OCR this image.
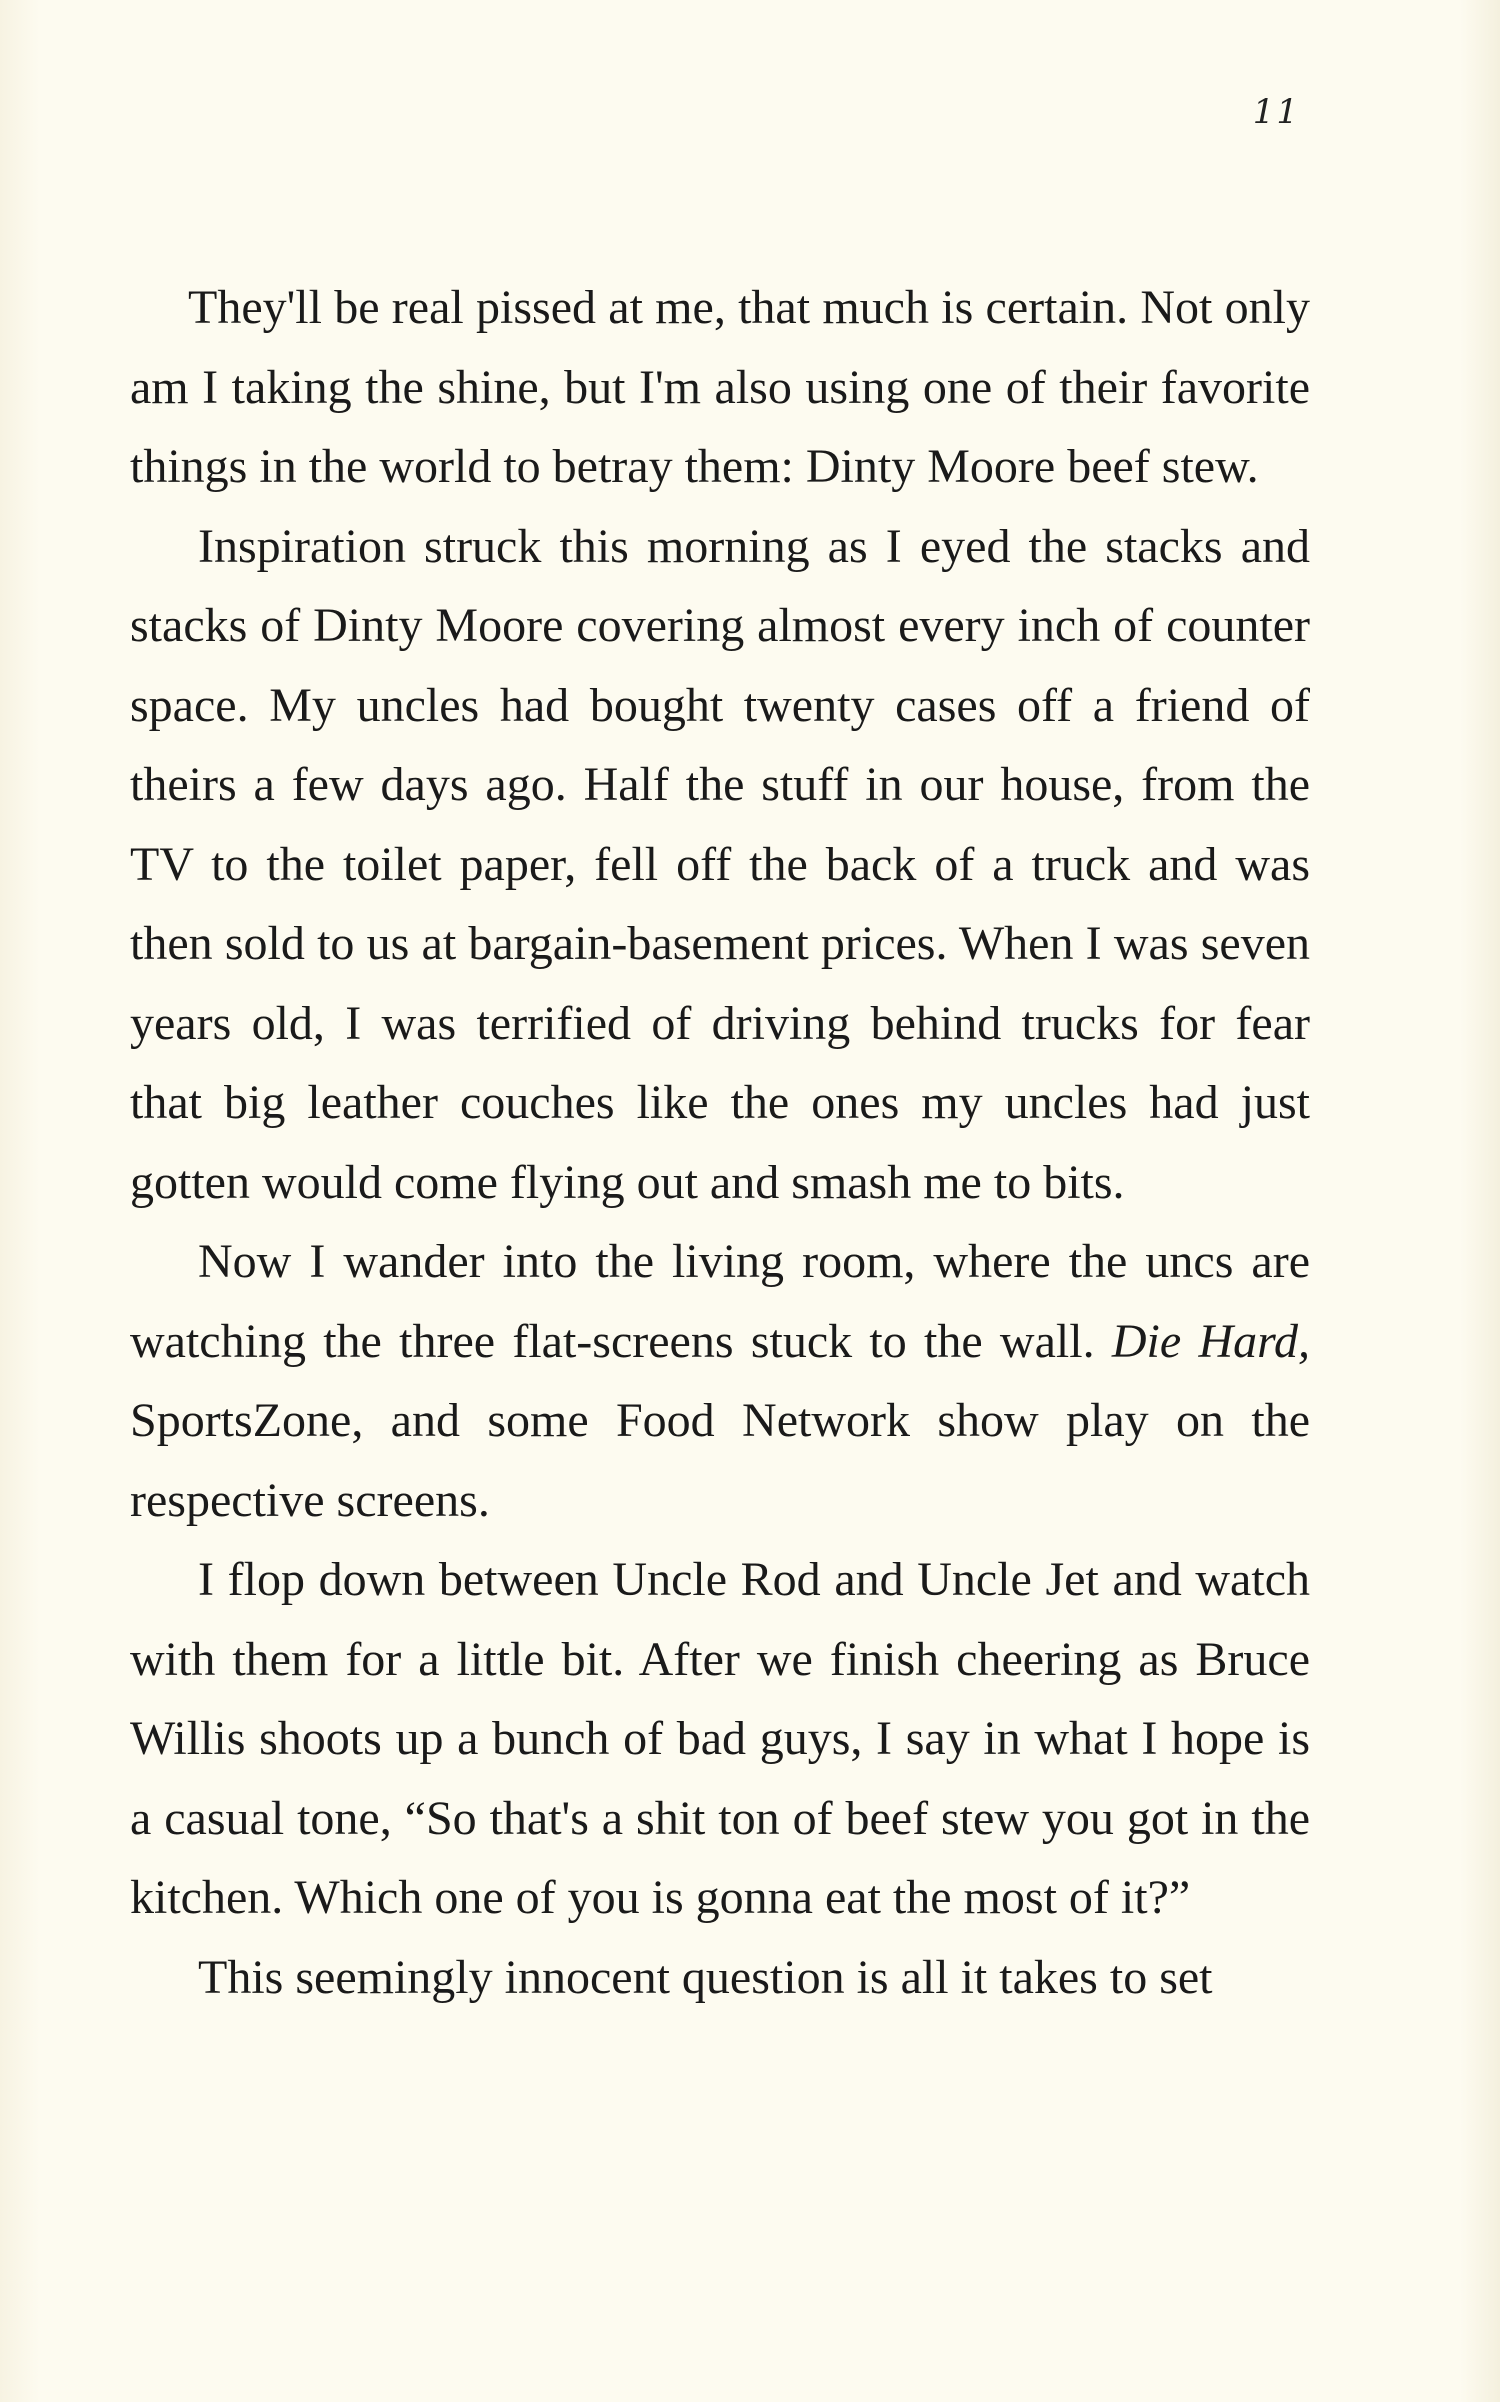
11

They'll be real pissed at me, that much is certain. Not only am I taking the shine, but I'm also using one of their favorite things in the world to betray them: Dinty Moore beef stew.

Inspiration struck this morning as I eyed the stacks and stacks of Dinty Moore covering almost every inch of counter space. My uncles had bought twenty cases off a friend of theirs a few days ago. Half the stuff in our house, from the TV to the toilet paper, fell off the back of a truck and was then sold to us at bargain-basement prices. When I was seven years old, I was terrified of driving behind trucks for fear that big leather couches like the ones my uncles had just gotten would come flying out and smash me to bits.

Now I wander into the living room, where the uncs are watching the three flat-screens stuck to the wall. Die Hard, SportsZone, and some Food Network show play on the respective screens.

I flop down between Uncle Rod and Uncle Jet and watch with them for a little bit. After we finish cheering as Bruce Willis shoots up a bunch of bad guys, I say in what I hope is a casual tone, “So that's a shit ton of beef stew you got in the kitchen. Which one of you is gonna eat the most of it?”

This seemingly innocent question is all it takes to set
